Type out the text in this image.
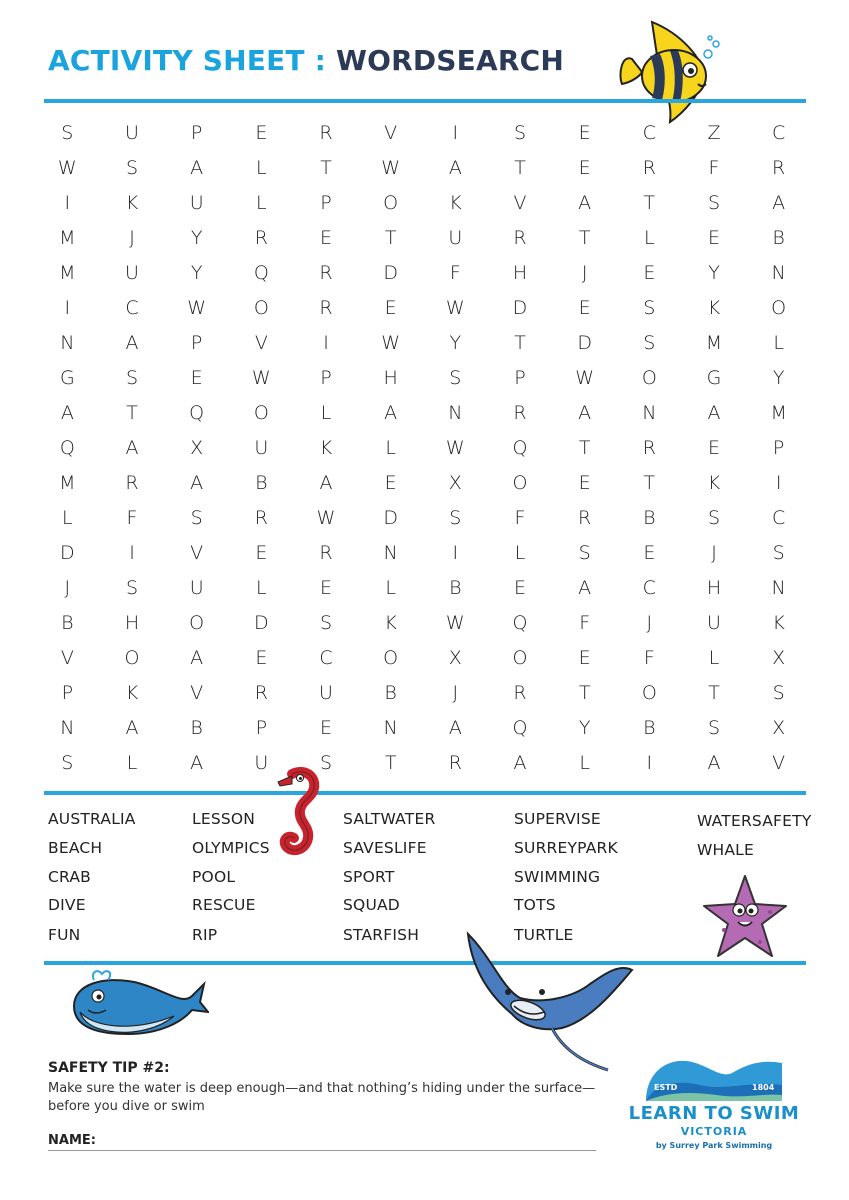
ACTIVITY SHEET : WORDSEARCH
S	U	P	E	R	V	I	S	E	C	Z	C
W	S	A	L	T	W	A	T	E	R	F	R
I	K	U	L	P	O	K	V	A	T	S	A
M	J	Y	R	E	T	U	R	T	L	E	B
M	U	Y	Q	R	D	F	H	J	E	Y	N
I	C	W	O	R	E	W	D	E	S	K	O
N	A	P	V	I	W	Y	T	D	S	M	L
G	S	E	W	P	H	S	P	W	O	G	Y
A	T	Q	O	L	A	N	R	A	N	A	M
Q	A	X	U	K	L	W	Q	T	R	E	P
M	R	A	B	A	E	X	O	E	T	K	I
L	F	S	R	W	D	S	F	R	B	S	C
D	I	V	E	R	N	I	L	S	E	J	S
J	S	U	L	E	L	B	E	A	C	H	N
B	H	O	D	S	K	W	Q	F	J	U	K
V	O	A	E	C	O	X	O	E	F	L	X
P	K	V	R	U	B	J	R	T	O	T	S
N	A	B	P	E	N	A	Q	Y	B	S	X
S	L	A	U	S	T	R	A	L	I	A	V
AUSTRALIA
BEACH
CRAB
DIVE
FUN
LESSON
OLYMPICS
POOL
RESCUE
RIP
SALTWATER
SAVESLIFE
SPORT
SQUAD
STARFISH
SUPERVISE
SURREYPARK
SWIMMING
TOTS
TURTLE
WATERSAFETY
WHALE
SAFETY TIP #2:
Make sure the water is deep enough—and that nothing’s hiding under the surface—before you dive or swim
NAME:
ESTD	1804
LEARN TO SWIM
VICTORIA
by Surrey Park Swimming
